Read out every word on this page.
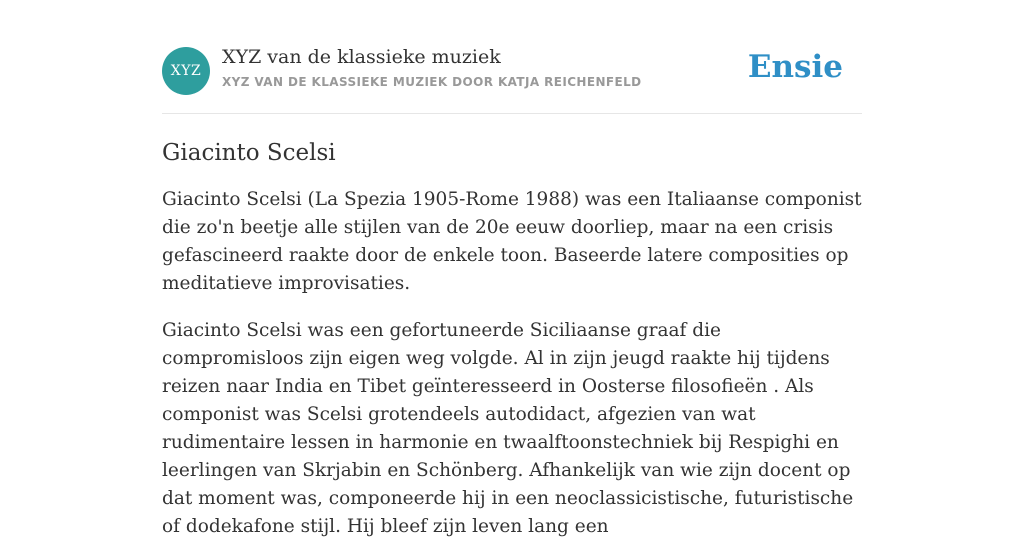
XYZ
XYZ van de klassieke muziek
XYZ VAN DE KLASSIEKE MUZIEK DOOR KATJA REICHENFELD	Ensie
Giacinto Scelsi

Giacinto Scelsi (La Spezia 1905-Rome 1988) was een Italiaanse componist die zo'n beetje alle stijlen van de 20e eeuw doorliep, maar na een crisis gefascineerd raakte door de enkele toon. Baseerde latere composities op meditatieve improvisaties.

Giacinto Scelsi was een gefortuneerde Siciliaanse graaf die compromisloos zijn eigen weg volgde. Al in zijn jeugd raakte hij tijdens reizen naar India en Tibet geïnteresseerd in Oosterse filosofieën . Als componist was Scelsi grotendeels autodidact, afgezien van wat rudimentaire lessen in harmonie en twaalftoonstechniek bij Respighi en leerlingen van Skrjabin en Schönberg. Afhankelijk van wie zijn docent op dat moment was, componeerde hij in een neoclassicistische, futuristische of dodekafone stijl. Hij bleef zijn leven lang een
